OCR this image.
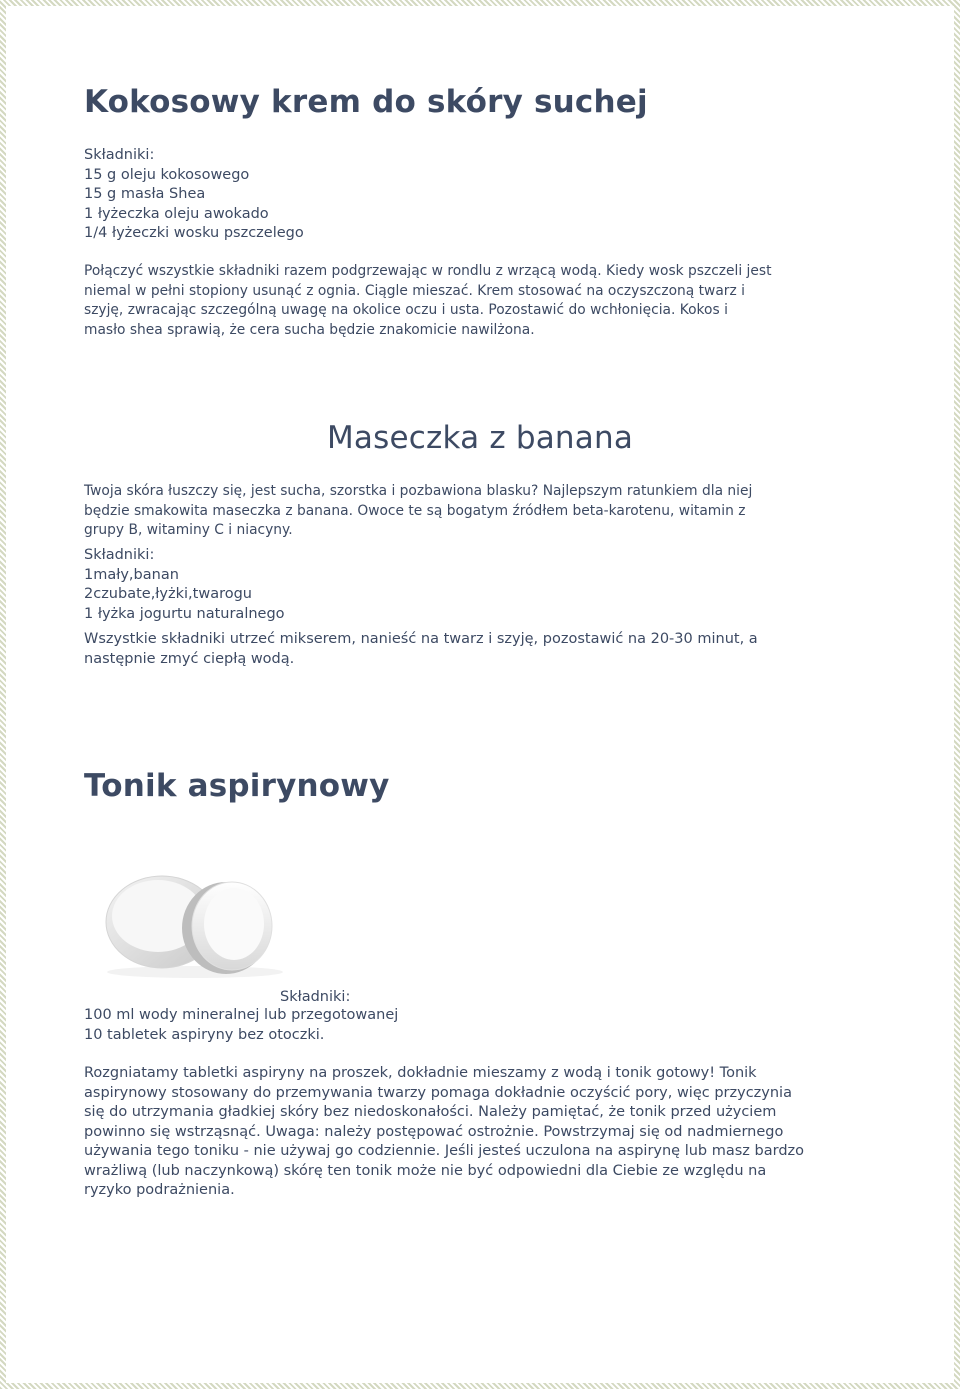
Kokosowy krem do skóry suchej

Składniki:

15 g oleju kokosowego

15 g masła Shea

1 łyżeczka oleju awokado

1/4 łyżeczki wosku pszczelego

Połączyć wszystkie składniki razem podgrzewając w rondlu z wrzącą wodą. Kiedy wosk pszczeli jest

niemal w pełni stopiony usunąć z ognia. Ciągle mieszać. Krem stosować na oczyszczoną twarz i

szyję, zwracając szczególną uwagę na okolice oczu i usta. Pozostawić do wchłonięcia. Kokos i

masło shea sprawią, że cera sucha będzie znakomicie nawilżona.

Maseczka z banana

Twoja skóra łuszczy się, jest sucha, szorstka i pozbawiona blasku? Najlepszym ratunkiem dla niej

będzie smakowita maseczka z banana. Owoce te są bogatym źródłem beta-karotenu, witamin z

grupy B, witaminy C i niacyny.

Składniki:

1mały,banan

2czubate,łyżki,twarogu

1 łyżka jogurtu naturalnego

Wszystkie składniki utrzeć mikserem, nanieść na twarz i szyję, pozostawić na 20-30 minut, a

następnie zmyć ciepłą wodą.

Tonik aspirynowy

Składniki:

100 ml wody mineralnej lub przegotowanej

10 tabletek aspiryny bez otoczki.

Rozgniatamy tabletki aspiryny na proszek, dokładnie mieszamy z wodą i tonik gotowy! Tonik

aspirynowy stosowany do przemywania twarzy pomaga dokładnie oczyścić pory, więc przyczynia

się do utrzymania gładkiej skóry bez niedoskonałości. Należy pamiętać, że tonik przed użyciem

powinno się wstrząsnąć. Uwaga: należy postępować ostrożnie. Powstrzymaj się od nadmiernego

używania tego toniku - nie używaj go codziennie. Jeśli jesteś uczulona na aspirynę lub masz bardzo

wrażliwą (lub naczynkową) skórę ten tonik może nie być odpowiedni dla Ciebie ze względu na

ryzyko podrażnienia.
